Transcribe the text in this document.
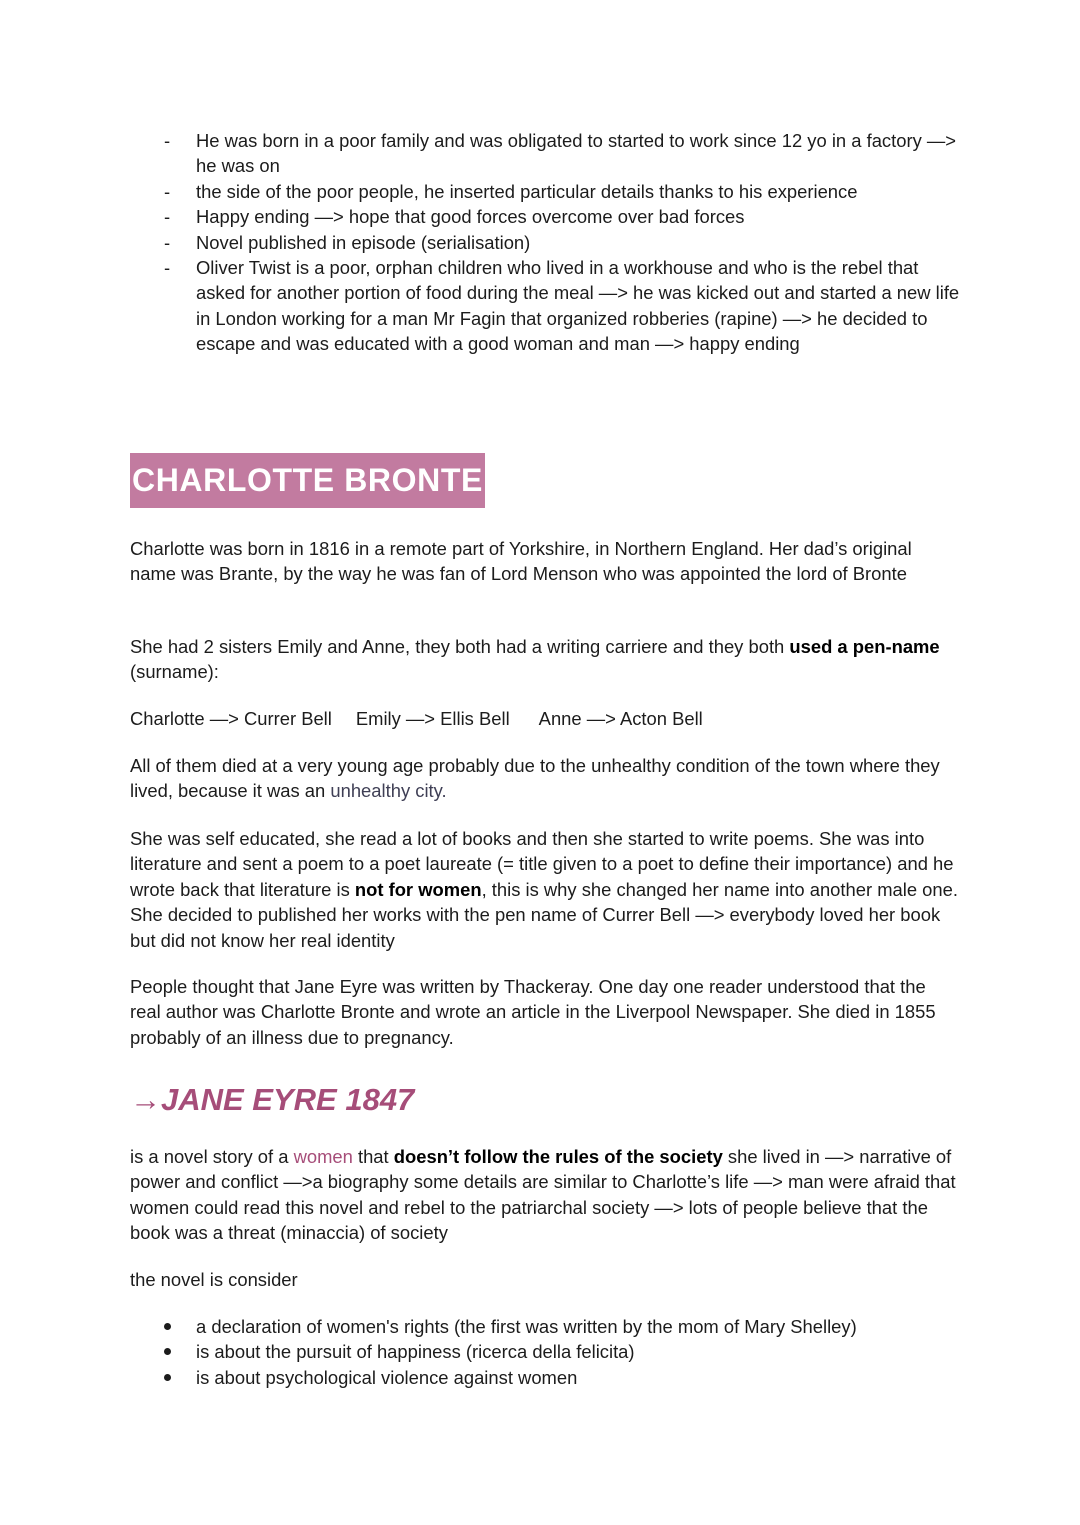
- He was born in a poor family and was obligated to started to work since 12 yo in a factory —> he was on
- the side of the poor people, he inserted particular details thanks to his experience
- Happy ending —> hope that good forces overcome over bad forces
- Novel published in episode (serialisation)
- Oliver Twist is a poor, orphan children who lived in a workhouse and who is the rebel that asked for another portion of food during the meal —> he was kicked out and started a new life in London working for a man Mr Fagin that organized robberies (rapine) —> he decided to escape and was educated with a good woman and man —> happy ending
CHARLOTTE BRONTE

Charlotte was born in 1816 in a remote part of Yorkshire, in Northern England. Her dad’s original name was Brante, by the way he was fan of Lord Menson who was appointed the lord of Bronte

She had 2 sisters Emily and Anne, they both had a writing carriere and they both used a pen-name (surname):

Charlotte —> Currer Bell Emily —> Ellis Bell Anne —> Acton Bell

All of them died at a very young age probably due to the unhealthy condition of the town where they lived, because it was an unhealthy city.

She was self educated, she read a lot of books and then she started to write poems. She was into literature and sent a poem to a poet laureate (= title given to a poet to define their importance) and he wrote back that literature is not for women, this is why she changed her name into another male one. She decided to published her works with the pen name of Currer Bell —> everybody loved her book but did not know her real identity

People thought that Jane Eyre was written by Thackeray. One day one reader understood that the real author was Charlotte Bronte and wrote an article in the Liverpool Newspaper. She died in 1855 probably of an illness due to pregnancy.

→JANE EYRE 1847

is a novel story of a women that doesn’t follow the rules of the society she lived in —> narrative of power and conflict —>a biography some details are similar to Charlotte’s life —> man were afraid that women could read this novel and rebel to the patriarchal society —> lots of people believe that the book was a threat (minaccia) of society

the novel is consider

a declaration of women's rights (the first was written by the mom of Mary Shelley)
is about the pursuit of happiness (ricerca della felicita)
is about psychological violence against women
